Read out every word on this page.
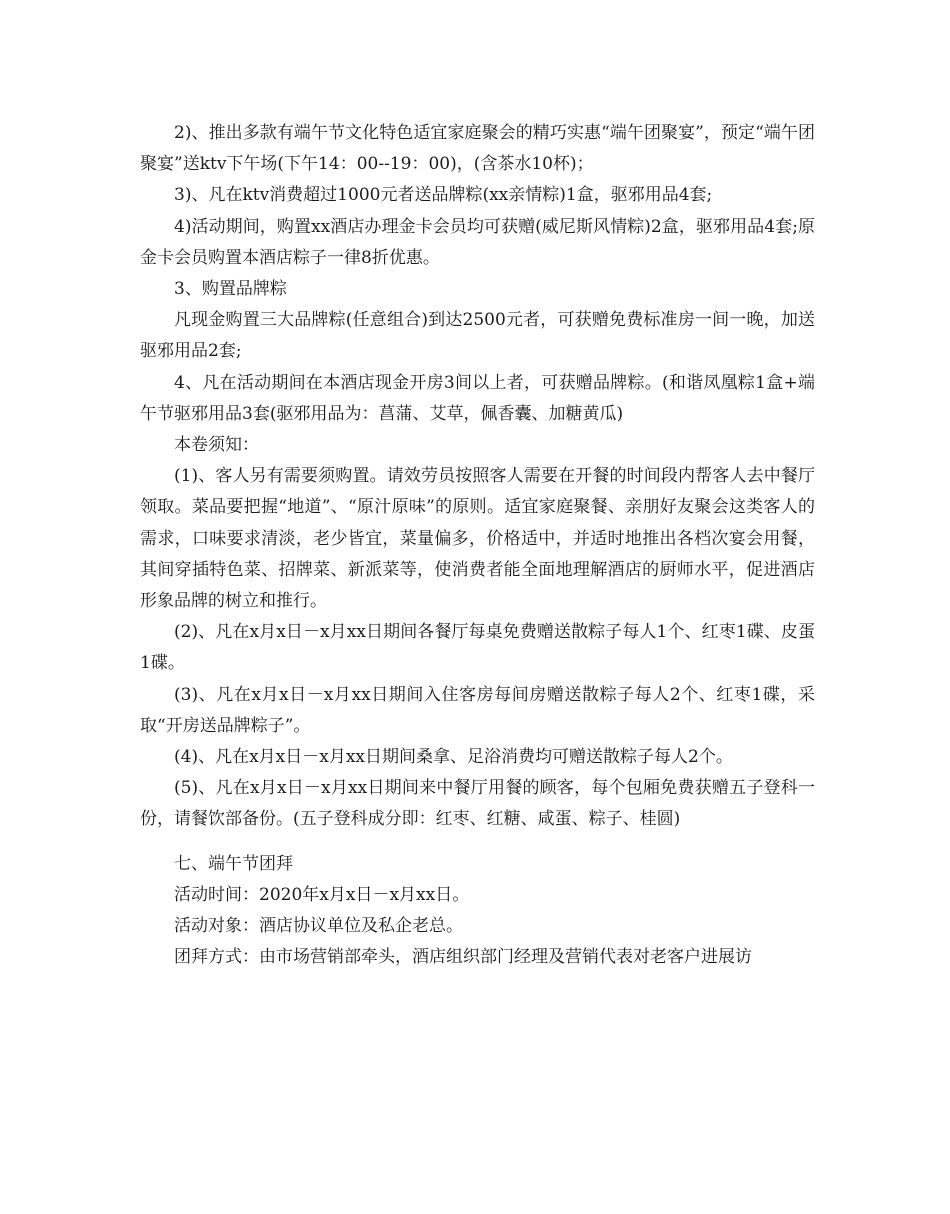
2)、推出多款有端午节文化特色适宜家庭聚会的精巧实惠“端午团聚宴”，预定“端午团聚宴”送ktv下午场(下午14：00--19：00)，(含茶水10杯)；

3)、凡在ktv消费超过1000元者送品牌粽(xx亲情粽)1盒，驱邪用品4套;

4)活动期间，购置xx酒店办理金卡会员均可获赠(威尼斯风情粽)2盒，驱邪用品4套;原金卡会员购置本酒店粽子一律8折优惠。

3、购置品牌粽

凡现金购置三大品牌粽(任意组合)到达2500元者，可获赠免费标准房一间一晚，加送驱邪用品2套;

4、凡在活动期间在本酒店现金开房3间以上者，可获赠品牌粽。(和谐凤凰粽1盒+端午节驱邪用品3套(驱邪用品为：菖蒲、艾草，佩香囊、加糖黄瓜)

本卷须知：

(1)、客人另有需要须购置。请效劳员按照客人需要在开餐的时间段内帮客人去中餐厅领取。菜品要把握“地道”、“原汁原味”的原则。适宜家庭聚餐、亲朋好友聚会这类客人的需求，口味要求清淡，老少皆宜，菜量偏多，价格适中，并适时地推出各档次宴会用餐，其间穿插特色菜、招牌菜、新派菜等，使消费者能全面地理解酒店的厨师水平，促进酒店形象品牌的树立和推行。

(2)、凡在x月x日－x月xx日期间各餐厅每桌免费赠送散粽子每人1个、红枣1碟、皮蛋1碟。

(3)、凡在x月x日－x月xx日期间入住客房每间房赠送散粽子每人2个、红枣1碟，采取“开房送品牌粽子”。

(4)、凡在x月x日－x月xx日期间桑拿、足浴消费均可赠送散粽子每人2个。

(5)、凡在x月x日－x月xx日期间来中餐厅用餐的顾客，每个包厢免费获赠五子登科一份，请餐饮部备份。(五子登科成分即：红枣、红糖、咸蛋、粽子、桂圆)

七、端午节团拜

活动时间：2020年x月x日－x月xx日。

活动对象：酒店协议单位及私企老总。

团拜方式：由市场营销部牵头，酒店组织部门经理及营销代表对老客户进展访
